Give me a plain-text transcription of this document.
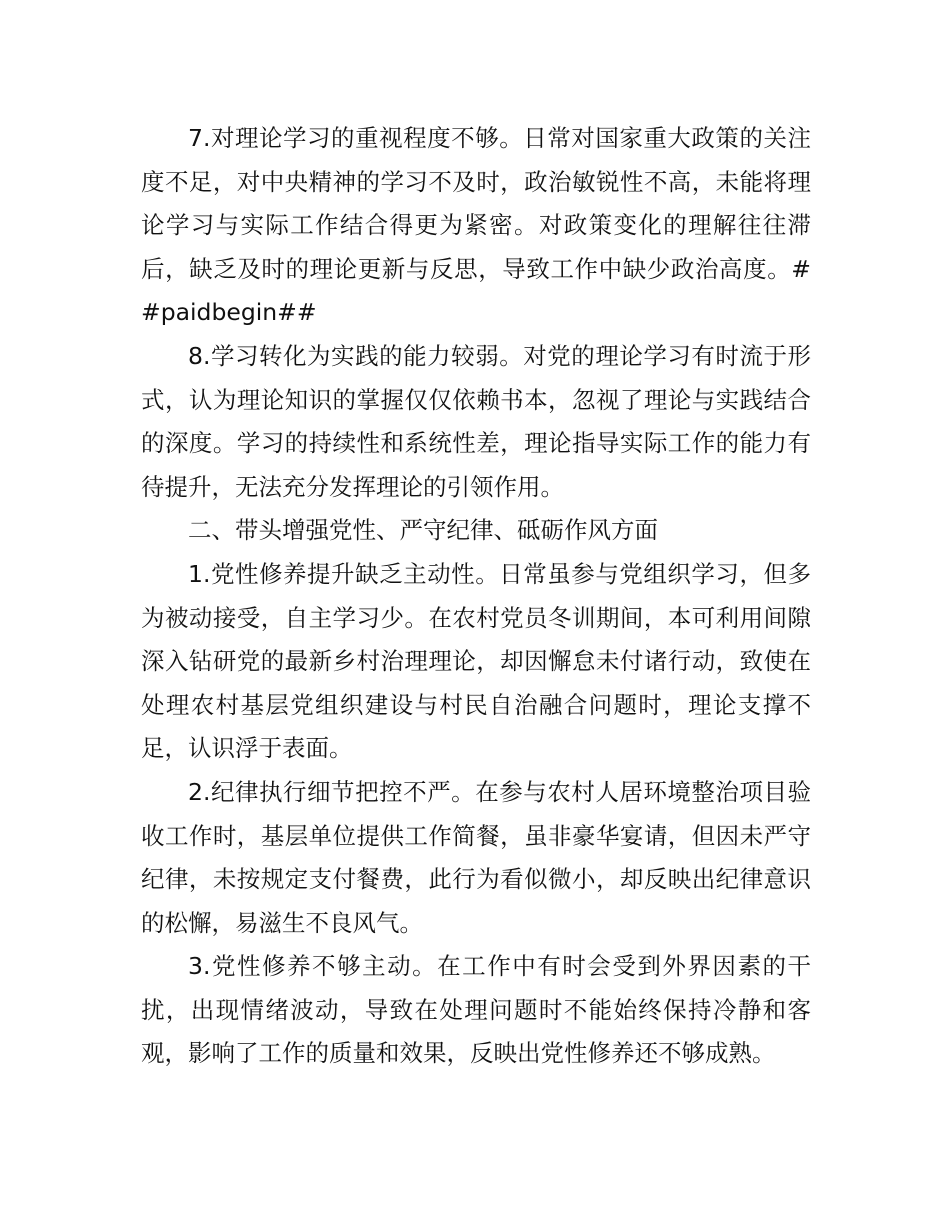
7.对理论学习的重视程度不够。日常对国家重大政策的关注度不足，对中央精神的学习不及时，政治敏锐性不高，未能将理论学习与实际工作结合得更为紧密。对政策变化的理解往往滞后，缺乏及时的理论更新与反思，导致工作中缺少政治高度。##paidbegin##

8.学习转化为实践的能力较弱。对党的理论学习有时流于形式，认为理论知识的掌握仅仅依赖书本，忽视了理论与实践结合的深度。学习的持续性和系统性差，理论指导实际工作的能力有待提升，无法充分发挥理论的引领作用。

二、带头增强党性、严守纪律、砥砺作风方面

1.党性修养提升缺乏主动性。日常虽参与党组织学习，但多为被动接受，自主学习少。在农村党员冬训期间，本可利用间隙深入钻研党的最新乡村治理理论，却因懈怠未付诸行动，致使在处理农村基层党组织建设与村民自治融合问题时，理论支撑不足，认识浮于表面。

2.纪律执行细节把控不严。在参与农村人居环境整治项目验收工作时，基层单位提供工作简餐，虽非豪华宴请，但因未严守纪律，未按规定支付餐费，此行为看似微小，却反映出纪律意识的松懈，易滋生不良风气。

3.党性修养不够主动。在工作中有时会受到外界因素的干扰，出现情绪波动，导致在处理问题时不能始终保持冷静和客观，影响了工作的质量和效果，反映出党性修养还不够成熟。
